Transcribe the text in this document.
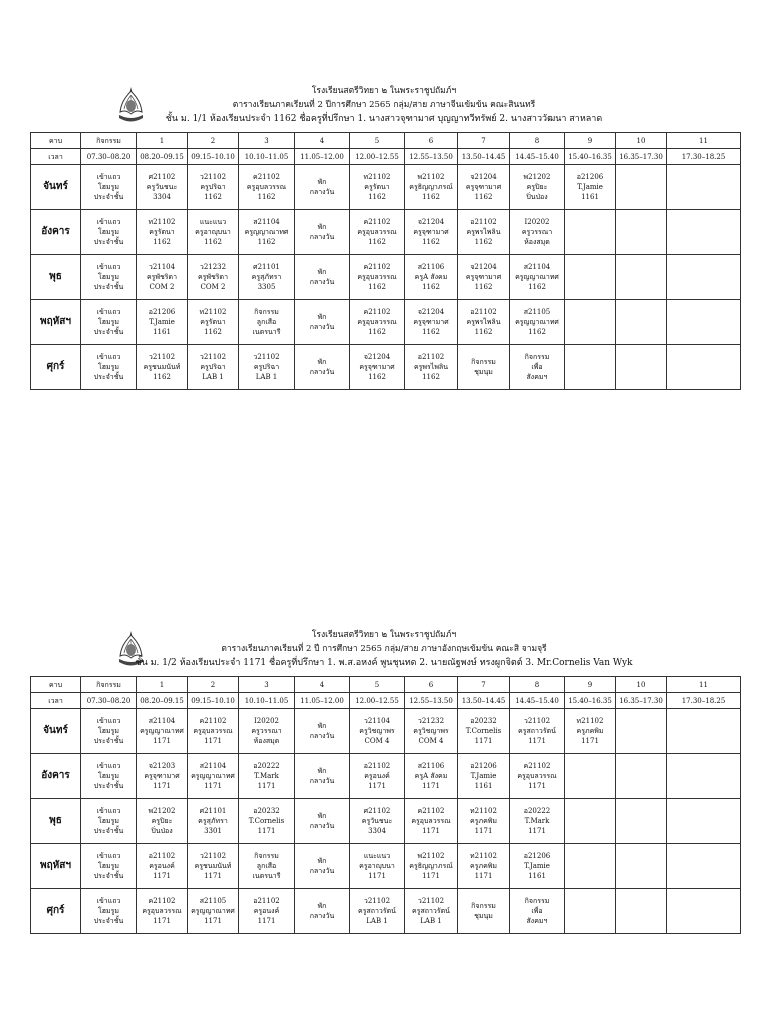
โรงเรียนสตรีวิทยา ๒ ในพระราชูปถัมภ์ฯ
ตารางเรียนภาคเรียนที่ 2 ปีการศึกษา 2565 กลุ่ม/สาย ภาษาจีนเข้มข้น คณะสินนทรี
ชั้น ม. 1/1 ห้องเรียนประจำ 1162 ชื่อครูที่ปรึกษา 1. นางสาวจุฑามาศ บุญญาทวีทรัพย์ 2. นางสาววัฒนา สาหลาด
คาบ	กิจกรรม	1	2	3	4	5	6	7	8	9	10	11
เวลา	07.30–08.20	08.20–09.15	09.15–10.10	10.10–11.05	11.05–12.00	12.00–12.55	12.55–13.50	13.50–14.45	14.45–15.40	15.40–16.35	16.35–17.30	17.30–18.25
จันทร์	เข้าแถว
โฮมรูม
ประจำชั้น	ศ21102
ครูวันชนะ
3304	ว21102
ครูปริฉา
1162	ค21102
ครูอุบลวรรณ
1162	พัก
กลางวัน	ท21102
ครูรัตนา
1162	พ21102
ครูธิญญาภรณ์
1162	จ21204
ครูจุฑามาศ
1162	พ21202
ครูปิยะ
ปิ่นป่อง	อ21206
T.Jamie
1161		

อังคาร	เข้าแถว
โฮมรูม
ประจำชั้น	ท21102
ครูรัตนา
1162	แนะแนว
ครูอาญุบนา
1162	ส21104
ครูญญาณาทศ
1162	พัก
กลางวัน	ค21102
ครูอุบลวรรณ
1162	จ21204
ครูจุฑามาศ
1162	อ21102
ครูพรไพลิน
1162	I20202
ครูวรรณา
ห้องสมุด			

พุธ	เข้าแถว
โฮมรูม
ประจำชั้น	ว21104
ครูพัชริดา
COM 2	ว21232
ครูพัชริดา
COM 2	ศ21101
ครูสุภัทรา
3305	พัก
กลางวัน	ค21102
ครูอุบลวรรณ
1162	ส21106
ครูA สังคม
1162	จ21204
ครูจุฑามาศ
1162	ส21104
ครูญญาณาทศ
1162			

พฤหัสฯ	เข้าแถว
โฮมรูม
ประจำชั้น	อ21206
T.Jamie
1161	ท21102
ครูรัตนา
1162	กิจกรรม
ลูกเสือ
เนตรนารี	พัก
กลางวัน	ค21102
ครูอุบลวรรณ
1162	จ21204
ครูจุฑามาศ
1162	อ21102
ครูพรไพลิน
1162	ส21105
ครูญญาณาทศ
1162			

ศุกร์	เข้าแถว
โฮมรูม
ประจำชั้น	ว21102
ครูชนมนันท์
1162	ว21102
ครูปริฉา
LAB 1	ว21102
ครูปริฉา
LAB 1	พัก
กลางวัน	จ21204
ครูจุฑามาศ
1162	อ21102
ครูพรไพลิน
1162	กิจกรรม
ชุมนุม	กิจกรรม
เพื่อ
สังคมฯ			

โรงเรียนสตรีวิทยา ๒ ในพระราชูปถัมภ์ฯ
ตารางเรียนภาคเรียนที่ 2 ปี การศึกษา 2565 กลุ่ม/สาย ภาษาอังกฤษเข้มข้น คณะสิ จามจุรี
ชั้น ม. 1/2 ห้องเรียนประจำ 1171 ชื่อครูที่ปรึกษา 1. พ.ส.อหงค์ พูนชุนทด 2. นายณัฐพงษ์ ทรงผูกจิตต์ 3. Mr.Cornelis Van Wyk
คาบ	กิจกรรม	1	2	3	4	5	6	7	8	9	10	11
เวลา	07.30–08.20	08.20–09.15	09.15–10.10	10.10–11.05	11.05–12.00	12.00–12.55	12.55–13.50	13.50–14.45	14.45–15.40	15.40–16.35	16.35–17.30	17.30–18.25
จันทร์	เข้าแถว
โฮมรูม
ประจำชั้น	ส21104
ครูญญาณาทศ
1171	ค21102
ครูอุบลวรรณ
1171	I20202
ครูวรรณา
ห้องสมุด	พัก
กลางวัน	ว21104
ครูวิชญาพร
COM 4	ว21232
ครูวิชญาพร
COM 4	อ20232
T.Cornelis
1171	ว21102
ครูสถาวรัตน์
1171	ท21102
ครูภคพิม
1171		

อังคาร	เข้าแถว
โฮมรูม
ประจำชั้น	จ21203
ครูจุฑามาศ
1171	ส21104
ครูญญาณาทศ
1171	อ20222
T.Mark
1171	พัก
กลางวัน	อ21102
ครูอนงค์
1171	ส21106
ครูA สังคม
1171	อ21206
T.Jamie
1161	ค21102
ครูอุบลวรรณ
1171			

พุธ	เข้าแถว
โฮมรูม
ประจำชั้น	พ21202
ครูปิยะ
ปิ่นป่อง	ศ21101
ครูสุภัทรา
3301	อ20232
T.Cornelis
1171	พัก
กลางวัน	ศ21102
ครูวันชนะ
3304	ค21102
ครูอุบลวรรณ
1171	ท21102
ครูภคพิม
1171	อ20222
T.Mark
1171			

พฤหัสฯ	เข้าแถว
โฮมรูม
ประจำชั้น	อ21102
ครูอนงค์
1171	ว21102
ครูชนมนันท์
1171	กิจกรรม
ลูกเสือ
เนตรนารี	พัก
กลางวัน	แนะแนว
ครูอาญุบนา
1171	พ21102
ครูธิญญาภรณ์
1171	ท21102
ครูภคพิม
1171	อ21206
T.Jamie
1161			

ศุกร์	เข้าแถว
โฮมรูม
ประจำชั้น	ค21102
ครูอุบลวรรณ
1171	ส21105
ครูญญาณาทศ
1171	อ21102
ครูอนงค์
1171	พัก
กลางวัน	ว21102
ครูสถาวรัตน์
LAB 1	ว21102
ครูสถาวรัตน์
LAB 1	กิจกรรม
ชุมนุม	กิจกรรม
เพื่อ
สังคมฯ			
